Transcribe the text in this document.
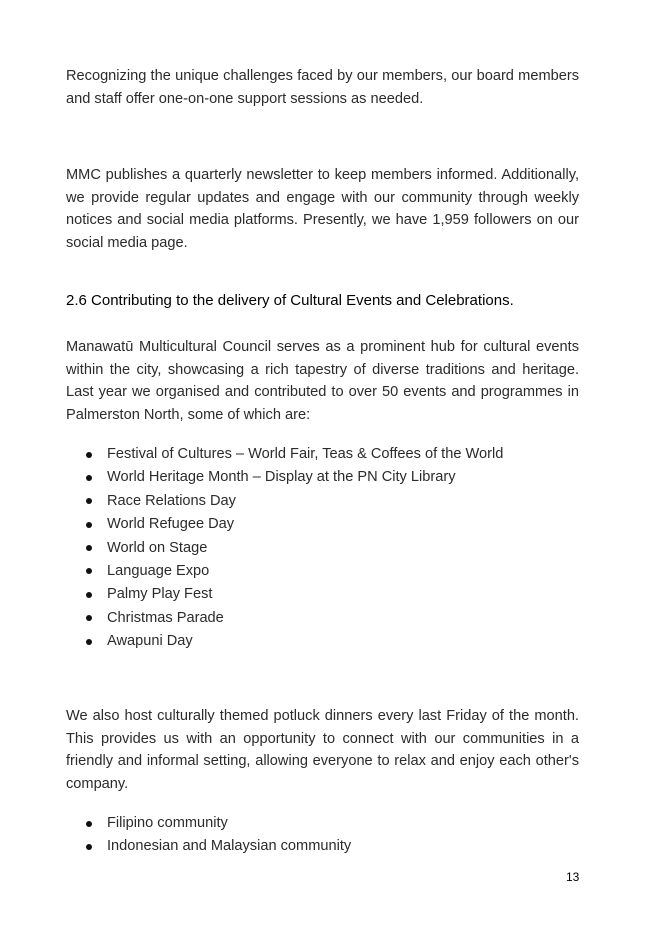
Recognizing the unique challenges faced by our members, our board members and staff offer one-on-one support sessions as needed.

MMC publishes a quarterly newsletter to keep members informed. Additionally, we provide regular updates and engage with our community through weekly notices and social media platforms. Presently, we have 1,959 followers on our social media page.

2.6 Contributing to the delivery of Cultural Events and Celebrations.

Manawatū Multicultural Council serves as a prominent hub for cultural events within the city, showcasing a rich tapestry of diverse traditions and heritage. Last year we organised and contributed to over 50 events and programmes in Palmerston North, some of which are:

Festival of Cultures – World Fair, Teas & Coffees of the World
World Heritage Month – Display at the PN City Library
Race Relations Day
World Refugee Day
World on Stage
Language Expo
Palmy Play Fest
Christmas Parade
Awapuni Day

We also host culturally themed potluck dinners every last Friday of the month. This provides us with an opportunity to connect with our communities in a friendly and informal setting, allowing everyone to relax and enjoy each other's company.

Filipino community
Indonesian and Malaysian community
13
